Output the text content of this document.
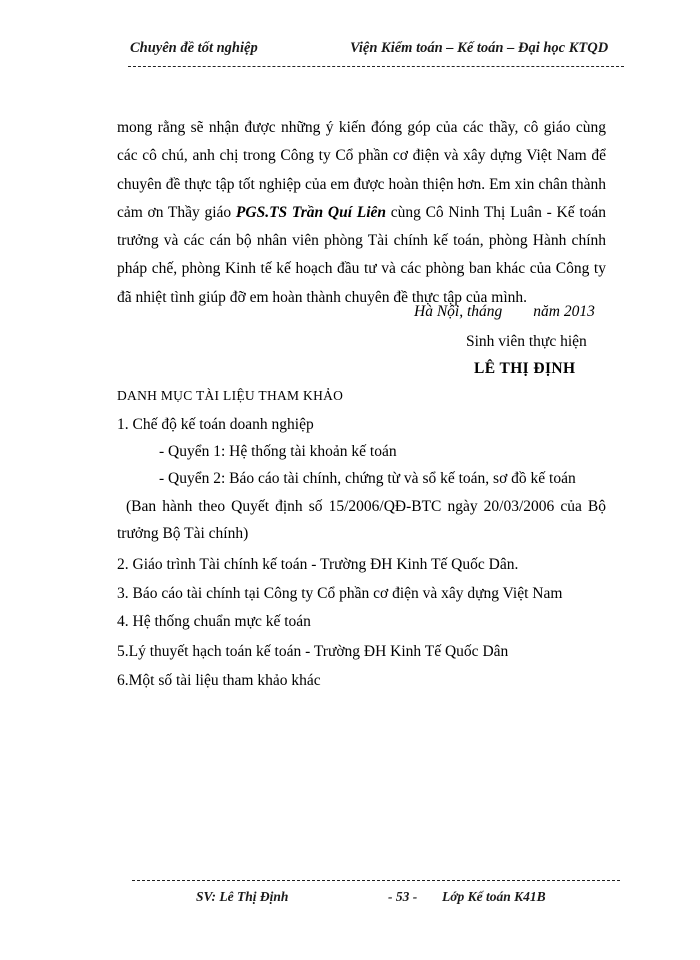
Chuyên đề tốt nghiệp	Viện Kiểm toán – Kế toán – Đại học KTQD

mong rằng sẽ nhận được những ý kiến đóng góp của các thầy, cô giáo cùng các cô chú, anh chị trong Công ty Cổ phần cơ điện và xây dựng Việt Nam để chuyên đề thực tập tốt nghiệp của em được hoàn thiện hơn. Em xin chân thành cảm ơn Thầy giáo PGS.TS Trần Quí Liên cùng Cô Ninh Thị Luân - Kế toán trưởng và các cán bộ nhân viên phòng Tài chính kế toán, phòng Hành chính pháp chế, phòng Kinh tế kế hoạch đầu tư và các phòng ban khác của Công ty đã nhiệt tình giúp đỡ em hoàn thành chuyên đề thực tập của mình.

Hà Nội, tháng        năm 2013
Sinh viên thực hiện
LÊ THỊ ĐỊNH
DANH MỤC TÀI LIỆU THAM KHẢO
1. Chế độ kế toán doanh nghiệp
- Quyển 1: Hệ thống tài khoản kế toán
- Quyển 2: Báo cáo tài chính, chứng từ và sổ kế toán, sơ đồ kế toán
(Ban hành theo Quyết định số 15/2006/QĐ-BTC ngày 20/03/2006 của Bộ trưởng Bộ Tài chính)
2. Giáo trình Tài chính kế toán - Trường ĐH Kinh Tế Quốc Dân.
3. Báo cáo tài chính tại Công ty Cổ phần cơ điện và xây dựng Việt Nam
4. Hệ thống chuẩn mực kế toán
5.Lý thuyết hạch toán kế toán - Trường ĐH Kinh Tế Quốc Dân
6.Một số tài liệu tham khảo khác
SV: Lê Thị Định	- 53 - Lớp Kế toán K41B
